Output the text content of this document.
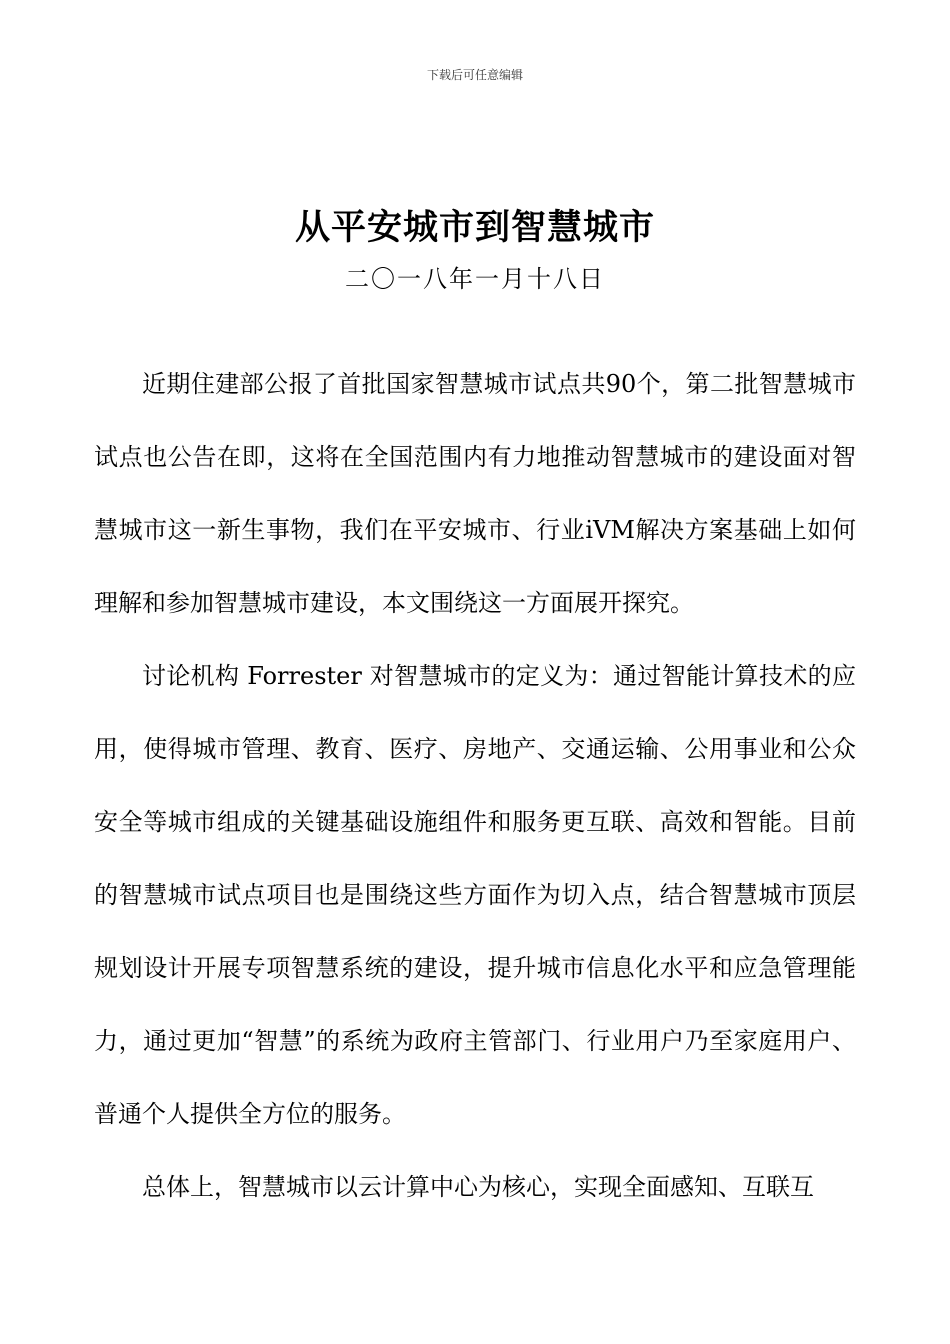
下载后可任意编辑
从平安城市到智慧城市
二〇一八年一月十八日

近期住建部公报了首批国家智慧城市试点共90个，第二批智慧城市试点也公告在即，这将在全国范围内有力地推动智慧城市的建设面对智慧城市这一新生事物，我们在平安城市、行业iVM解决方案基础上如何理解和参加智慧城市建设，本文围绕这一方面展开探究。

讨论机构 Forrester 对智慧城市的定义为：通过智能计算技术的应用，使得城市管理、教育、医疗、房地产、交通运输、公用事业和公众安全等城市组成的关键基础设施组件和服务更互联、高效和智能。目前的智慧城市试点项目也是围绕这些方面作为切入点，结合智慧城市顶层规划设计开展专项智慧系统的建设，提升城市信息化水平和应急管理能力，通过更加“智慧”的系统为政府主管部门、行业用户乃至家庭用户、普通个人提供全方位的服务。

总体上，智慧城市以云计算中心为核心，实现全面感知、互联互
